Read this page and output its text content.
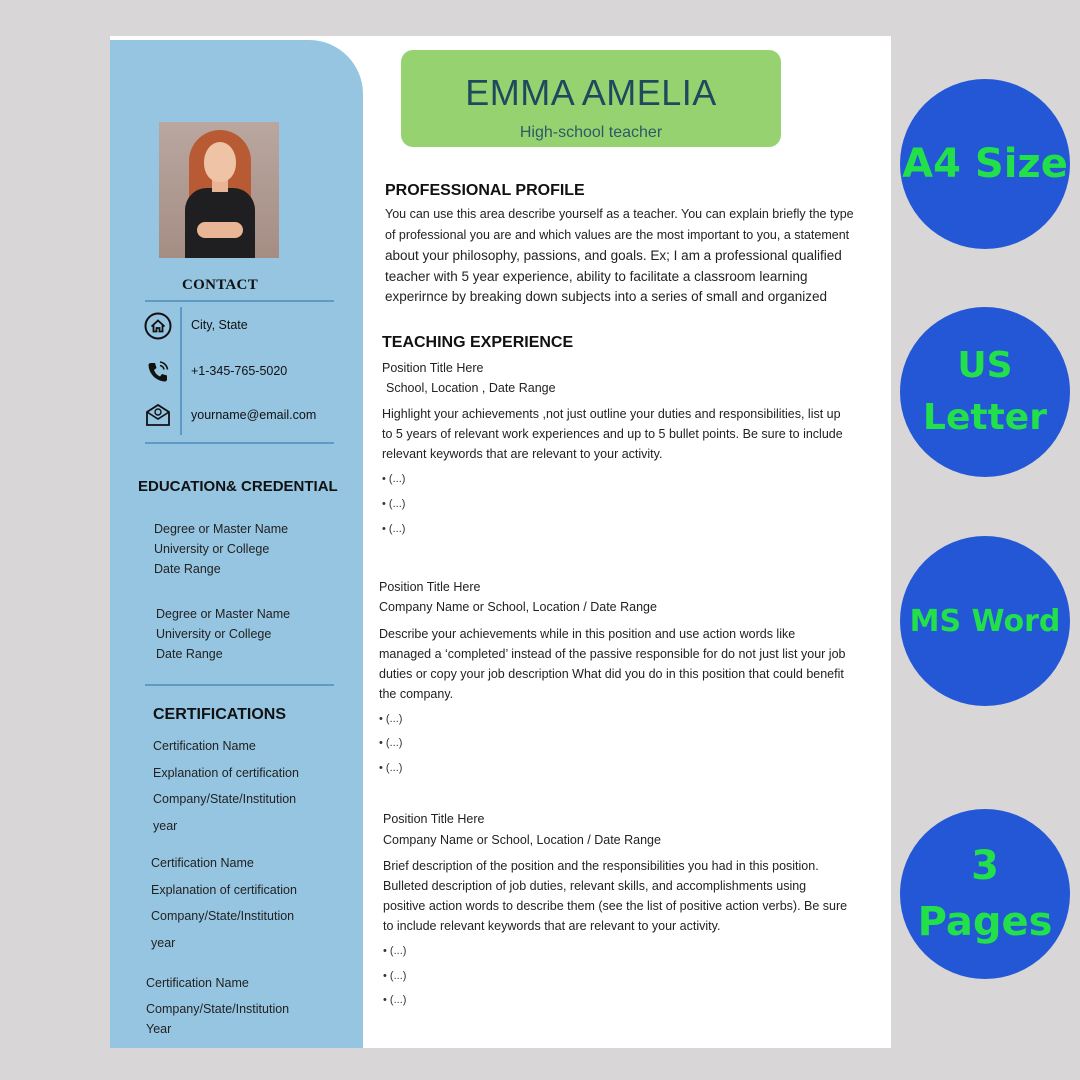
CONTACT
City, State
+1-345-765-5020
yourname@email.com
EDUCATION& CREDENTIAL
Degree or Master Name
University or College
Date Range
Degree or Master Name
University or College
Date Range
CERTIFICATIONS
Certification Name
Explanation of certification
Company/State/Institution
year
Certification Name
Explanation of certification
Company/State/Institution
year
Certification Name
Company/State/Institution
Year
EMMA AMELIA
High-school teacher
PROFESSIONAL PROFILE
You can use this area describe yourself as a teacher. You can explain briefly the type
of professional you are and which values are the most important to you, a statement
about your philosophy, passions, and goals. Ex; I am a professional qualified
teacher with 5 year experience, ability to facilitate a classroom learning
experirnce by breaking down subjects into a series of small and organized
TEACHING EXPERIENCE
Position Title Here
School, Location , Date Range
Highlight your achievements ,not just outline your duties and responsibilities, list up
to 5 years of relevant work experiences and up to 5 bullet points. Be sure to include
relevant keywords that are relevant to your activity.
• (...)
• (...)
• (...)
Position Title Here
Company Name or School, Location / Date Range
Describe your achievements while in this position and use action words like
managed a ‘completed’ instead of the passive responsible for do not just list your job
duties or copy your job description What did you do in this position that could benefit
the company.
• (...)
• (...)
• (...)
Position Title Here
Company Name or School, Location / Date Range
Brief description of the position and the responsibilities you had in this position.
Bulleted description of job duties, relevant skills, and accomplishments using
positive action words to describe them (see the list of positive action verbs). Be sure
to include relevant keywords that are relevant to your activity.
• (...)
• (...)
• (...)
A4 Size
US
Letter
MS Word
3
Pages
